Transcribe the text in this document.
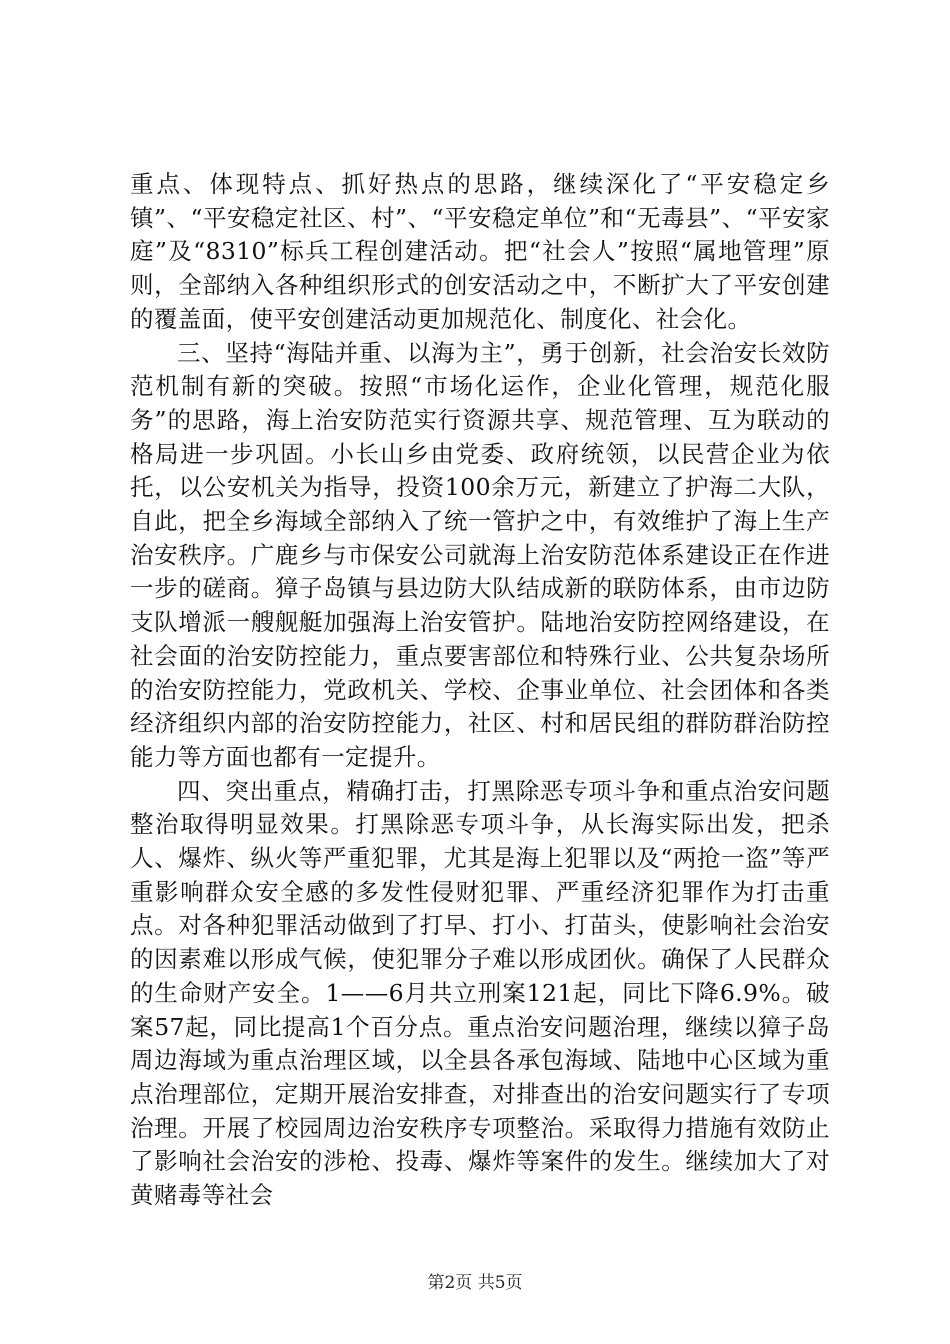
重点、体现特点、抓好热点的思路，继续深化了“平安稳定乡镇”、“平安稳定社区、村”、“平安稳定单位”和“无毒县”、“平安家庭”及“8310”标兵工程创建活动。把“社会人”按照“属地管理”原则，全部纳入各种组织形式的创安活动之中，不断扩大了平安创建的覆盖面，使平安创建活动更加规范化、制度化、社会化。

三、坚持“海陆并重、以海为主”，勇于创新，社会治安长效防范机制有新的突破。按照“市场化运作，企业化管理，规范化服务”的思路，海上治安防范实行资源共享、规范管理、互为联动的格局进一步巩固。小长山乡由党委、政府统领，以民营企业为依托，以公安机关为指导，投资100余万元，新建立了护海二大队，自此，把全乡海域全部纳入了统一管护之中，有效维护了海上生产治安秩序。广鹿乡与市保安公司就海上治安防范体系建设正在作进一步的磋商。獐子岛镇与县边防大队结成新的联防体系，由市边防支队增派一艘舰艇加强海上治安管护。陆地治安防控网络建设，在社会面的治安防控能力，重点要害部位和特殊行业、公共复杂场所的治安防控能力，党政机关、学校、企事业单位、社会团体和各类经济组织内部的治安防控能力，社区、村和居民组的群防群治防控能力等方面也都有一定提升。

四、突出重点，精确打击，打黑除恶专项斗争和重点治安问题整治取得明显效果。打黑除恶专项斗争，从长海实际出发，把杀人、爆炸、纵火等严重犯罪，尤其是海上犯罪以及“两抢一盗”等严重影响群众安全感的多发性侵财犯罪、严重经济犯罪作为打击重点。对各种犯罪活动做到了打早、打小、打苗头，使影响社会治安的因素难以形成气候，使犯罪分子难以形成团伙。确保了人民群众的生命财产安全。1——6月共立刑案121起，同比下降6.9%。破案57起，同比提高1个百分点。重点治安问题治理，继续以獐子岛周边海域为重点治理区域，以全县各承包海域、陆地中心区域为重点治理部位，定期开展治安排查，对排查出的治安问题实行了专项治理。开展了校园周边治安秩序专项整治。采取得力措施有效防止了影响社会治安的涉枪、投毒、爆炸等案件的发生。继续加大了对黄赌毒等社会

第2页 共5页
